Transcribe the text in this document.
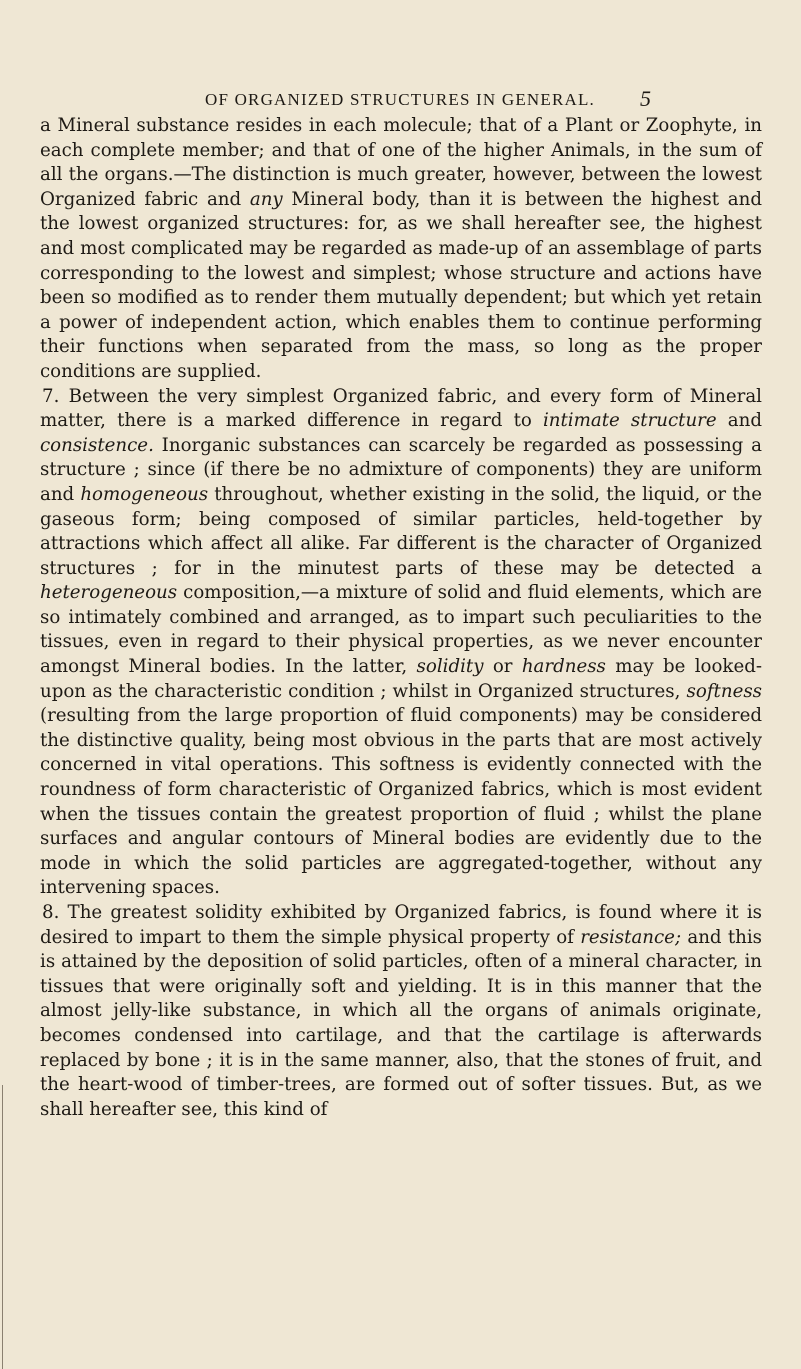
OF ORGANIZED STRUCTURES IN GENERAL.	5

a Mineral substance resides in each molecule; that of a Plant or Zoophyte, in each complete member; and that of one of the higher Animals, in the sum of all the organs.—The distinction is much greater, however, between the lowest Organized fabric and any Mineral body, than it is between the highest and the lowest organized structures: for, as we shall hereafter see, the highest and most complicated may be regarded as made-up of an assemblage of parts corresponding to the lowest and simplest; whose structure and actions have been so modified as to render them mutually dependent; but which yet retain a power of independent action, which enables them to continue performing their functions when separated from the mass, so long as the proper conditions are supplied.

7. Between the very simplest Organized fabric, and every form of Mineral matter, there is a marked difference in regard to intimate structure and consistence. Inorganic substances can scarcely be regarded as possessing a structure ; since (if there be no admixture of components) they are uniform and homogeneous throughout, whether existing in the solid, the liquid, or the gaseous form; being composed of similar particles, held-together by attractions which affect all alike. Far different is the character of Organized structures ; for in the minutest parts of these may be detected a heterogeneous composition,—a mixture of solid and fluid elements, which are so intimately combined and arranged, as to impart such peculiarities to the tissues, even in regard to their physical properties, as we never encounter amongst Mineral bodies. In the latter, solidity or hardness may be looked-upon as the characteristic condition ; whilst in Organized structures, softness (resulting from the large proportion of fluid components) may be considered the distinctive quality, being most obvious in the parts that are most actively concerned in vital operations. This softness is evidently connected with the roundness of form characteristic of Organized fabrics, which is most evident when the tissues contain the greatest proportion of fluid ; whilst the plane surfaces and angular contours of Mineral bodies are evidently due to the mode in which the solid particles are aggregated-together, without any intervening spaces.

8. The greatest solidity exhibited by Organized fabrics, is found where it is desired to impart to them the simple physical property of resistance; and this is attained by the deposition of solid particles, often of a mineral character, in tissues that were originally soft and yielding. It is in this manner that the almost jelly-like substance, in which all the organs of animals originate, becomes condensed into cartilage, and that the cartilage is afterwards replaced by bone ; it is in the same manner, also, that the stones of fruit, and the heart-wood of timber-trees, are formed out of softer tissues. But, as we shall hereafter see, this kind of
